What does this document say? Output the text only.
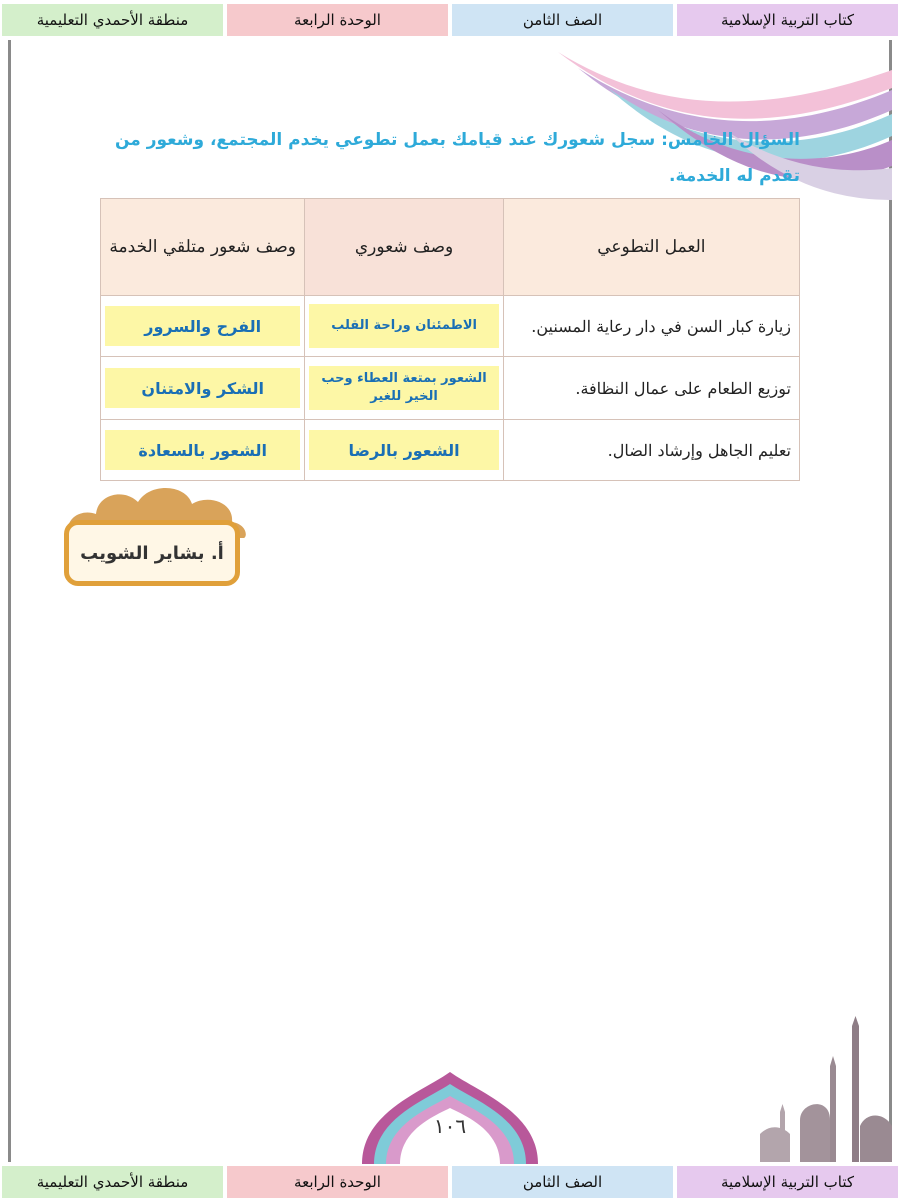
كتاب التربية الإسلامية
الصف الثامن
الوحدة الرابعة
منطقة الأحمدي التعليمية
السؤال الخامس: سجل شعورك عند قيامك بعمل تطوعي يخدم المجتمع، وشعور من تقدم له الخدمة.
العمل التطوعي	وصف شعوري	وصف شعور متلقي الخدمة
زيارة كبار السن في دار رعاية المسنين.	الاطمئنان وراحة القلب	الفرح والسرور

توزيع الطعام على عمال النظافة.	الشعور بمتعة العطاء وحب الخير للغير	الشكر والامتنان

تعليم الجاهل وإرشاد الضال.	الشعور بالرضا	الشعور بالسعادة
أ. بشاير الشويب
١٠٦
كتاب التربية الإسلامية
الصف الثامن
الوحدة الرابعة
منطقة الأحمدي التعليمية
